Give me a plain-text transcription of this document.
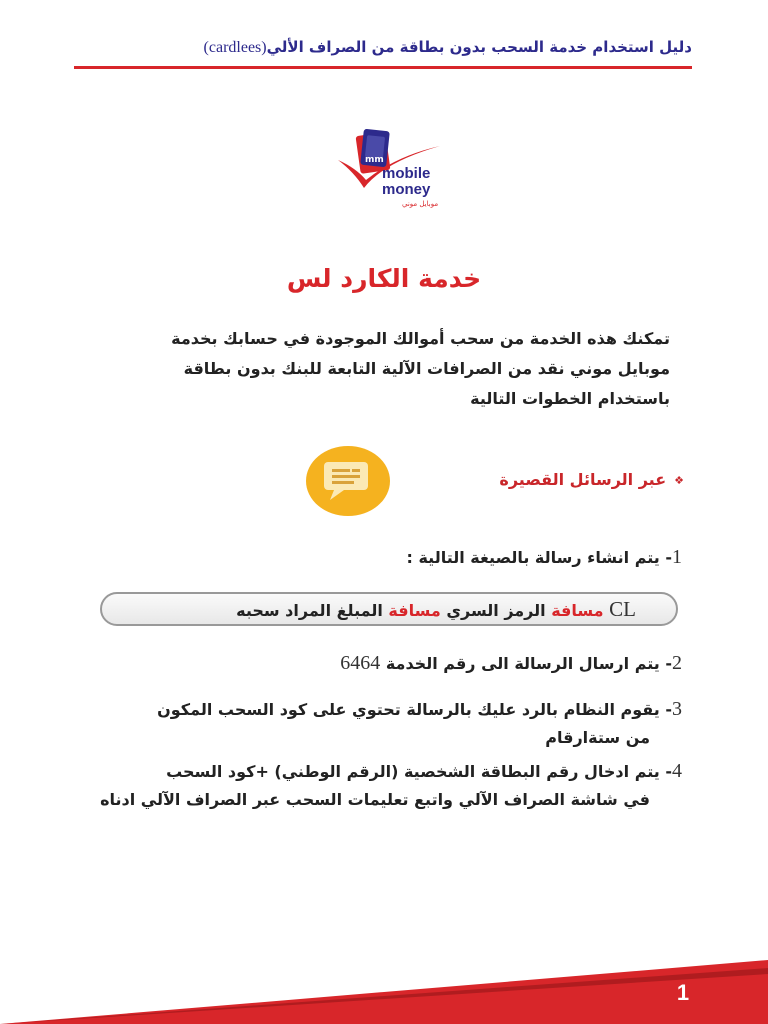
دليل استخدام خدمة السحب بدون بطاقة من الصراف الألي(cardlees)
mm
mobile
money
موبايل موني
خدمة الكارد لس
تمكنك هذه الخدمة من سحب أموالك الموجودة في حسابك بخدمة
موبايل موني نقد من الصرافات الآلية التابعة للبنك بدون بطاقة
باستخدام الخطوات التالية
❖عبر الرسائل القصيرة
1- يتم انشاء رسالة بالصيغة التالية :
CL مسافة الرمز السري مسافة المبلغ المراد سحبه
2- يتم ارسال الرسالة الى رقم الخدمة 6464
3- يقوم النظام بالرد عليك بالرسالة تحتوي على كود السحب المكون
من ستةارقام
4- يتم ادخال رقم البطاقة الشخصية (الرقم الوطني) +كود السحب
في شاشة الصراف الآلي واتبع تعليمات السحب عبر الصراف الآلي ادناه
1
